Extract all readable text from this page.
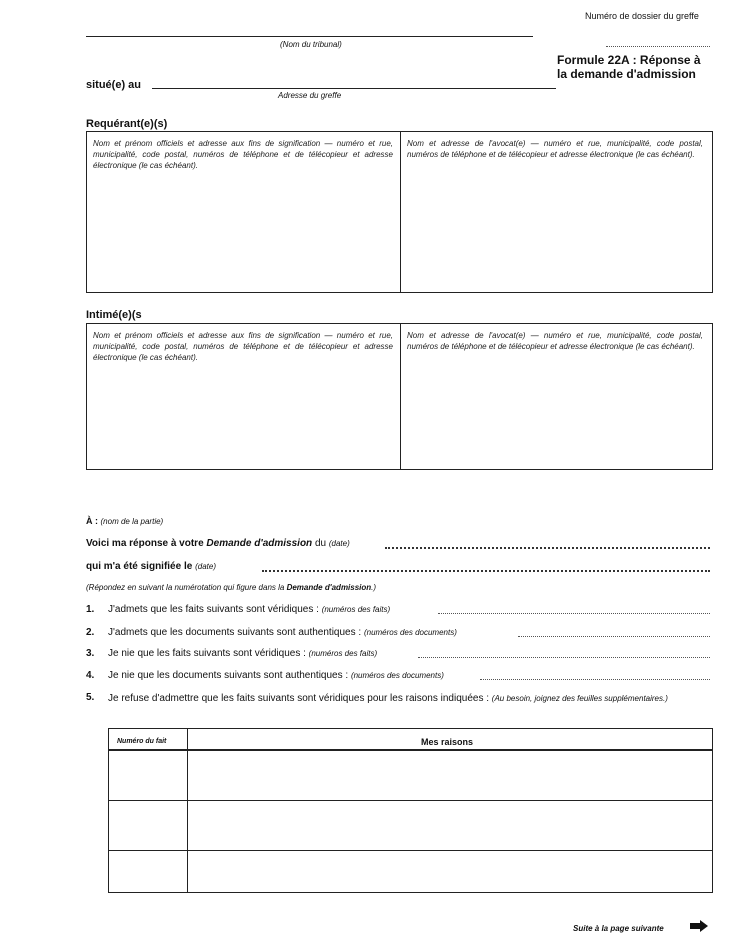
Numéro de dossier du greffe
(Nom du tribunal)
Formule 22A : Réponse à
la demande d'admission
situé(e) au
Adresse du greffe
Requérant(e)(s)
Nom et prénom officiels et adresse aux fins de signification — numéro et rue, municipalité, code postal, numéros de téléphone et de télécopieur et adresse électronique (le cas échéant).
Nom et adresse de l'avocat(e) — numéro et rue, municipalité, code postal, numéros de téléphone et de télécopieur et adresse électronique (le cas échéant).
Intimé(e)(s
Nom et prénom officiels et adresse aux fins de signification — numéro et rue, municipalité, code postal, numéros de téléphone et de télécopieur et adresse électronique (le cas échéant).
Nom et adresse de l'avocat(e) — numéro et rue, municipalité, code postal, numéros de téléphone et de télécopieur et adresse électronique (le cas échéant).
À : (nom de la partie)
Voici ma réponse à votre Demande d'admission du (date)
qui m'a été signifiée le (date)
(Répondez en suivant la numérotation qui figure dans la Demande d'admission.)
1. J'admets que les faits suivants sont véridiques : (numéros des faits)
2. J'admets que les documents suivants sont authentiques : (numéros des documents)
3. Je nie que les faits suivants sont véridiques : (numéros des faits)
4. Je nie que les documents suivants sont authentiques : (numéros des documents)
5. Je refuse d'admettre que les faits suivants sont véridiques pour les raisons indiquées : (Au besoin, joignez des feuilles supplémentaires.)
Numéro du fait	Mes raisons
Suite à la page suivante
